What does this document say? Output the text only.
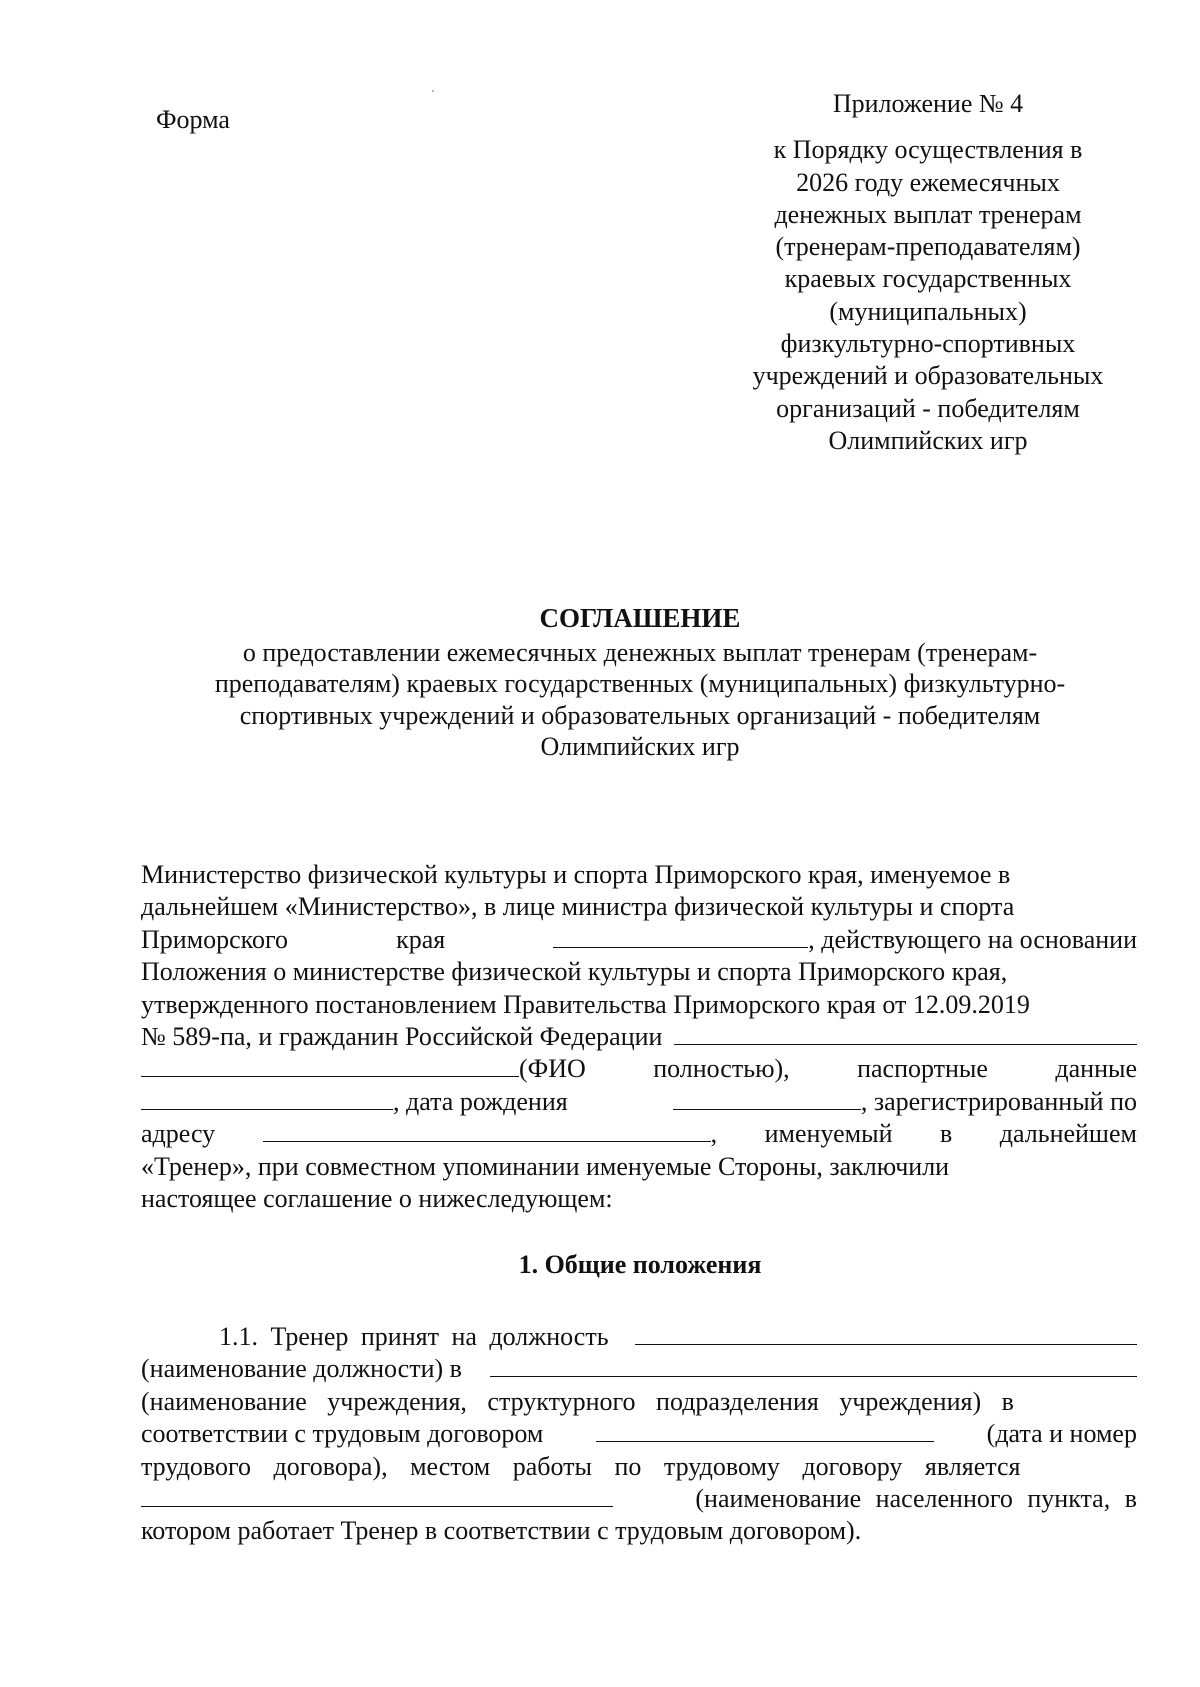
Форма
Приложение № 4
к Порядку осуществления в
2026 году ежемесячных
денежных выплат тренерам
(тренерам-преподавателям)
краевых государственных
(муниципальных)
физкультурно-спортивных
учреждений и образовательных
организаций - победителям
Олимпийских игр
СОГЛАШЕНИЕ
о предоставлении ежемесячных денежных выплат тренерам (тренерам-
преподавателям) краевых государственных (муниципальных) физкультурно-
спортивных учреждений и образовательных организаций - победителям
Олимпийских игр
Министерство физической культуры и спорта Приморского края, именуемое в
дальнейшем «Министерство», в лице министра физической культуры и спорта
Приморского	края	, действующего на основании
Положения о министерстве физической культуры и спорта Приморского края,
утвержденного постановлением Правительства Приморского края от 12.09.2019
№ 589-па, и гражданин Российской Федерации
(ФИО	полностью),	паспортные	данные
, дата рождения	, зарегистрированный по
адресу	, именуемый в дальнейшем
«Тренер», при совместном упоминании именуемые Стороны, заключили
настоящее соглашение о нижеследующем:
1. Общие положения
1.1. Тренер принят на должность
(наименование должности) в
(наименование учреждения, структурного подразделения учреждения) в
соответствии с трудовым договором	(дата и номер
трудового договора), местом работы по трудовому договору является
(наименование населенного пункта, в
котором работает Тренер в соответствии с трудовым договором).
